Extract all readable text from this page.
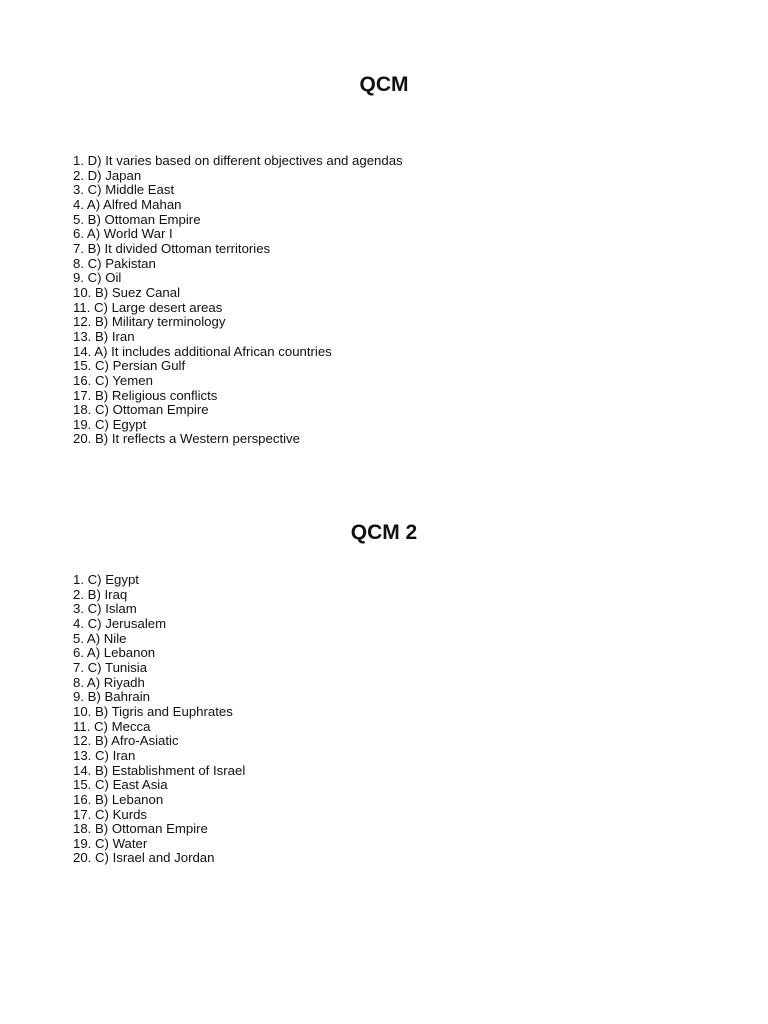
QCM
1. D) It varies based on different objectives and agendas
2. D) Japan
3. C) Middle East
4. A) Alfred Mahan
5. B) Ottoman Empire
6. A) World War I
7. B) It divided Ottoman territories
8. C) Pakistan
9. C) Oil
10. B) Suez Canal
11. C) Large desert areas
12. B) Military terminology
13. B) Iran
14. A) It includes additional African countries
15. C) Persian Gulf
16. C) Yemen
17. B) Religious conflicts
18. C) Ottoman Empire
19. C) Egypt
20. B) It reflects a Western perspective
QCM 2
1. C) Egypt
2. B) Iraq
3. C) Islam
4. C) Jerusalem
5. A) Nile
6. A) Lebanon
7. C) Tunisia
8. A) Riyadh
9. B) Bahrain
10. B) Tigris and Euphrates
11. C) Mecca
12. B) Afro-Asiatic
13. C) Iran
14. B) Establishment of Israel
15. C) East Asia
16. B) Lebanon
17. C) Kurds
18. B) Ottoman Empire
19. C) Water
20. C) Israel and Jordan
